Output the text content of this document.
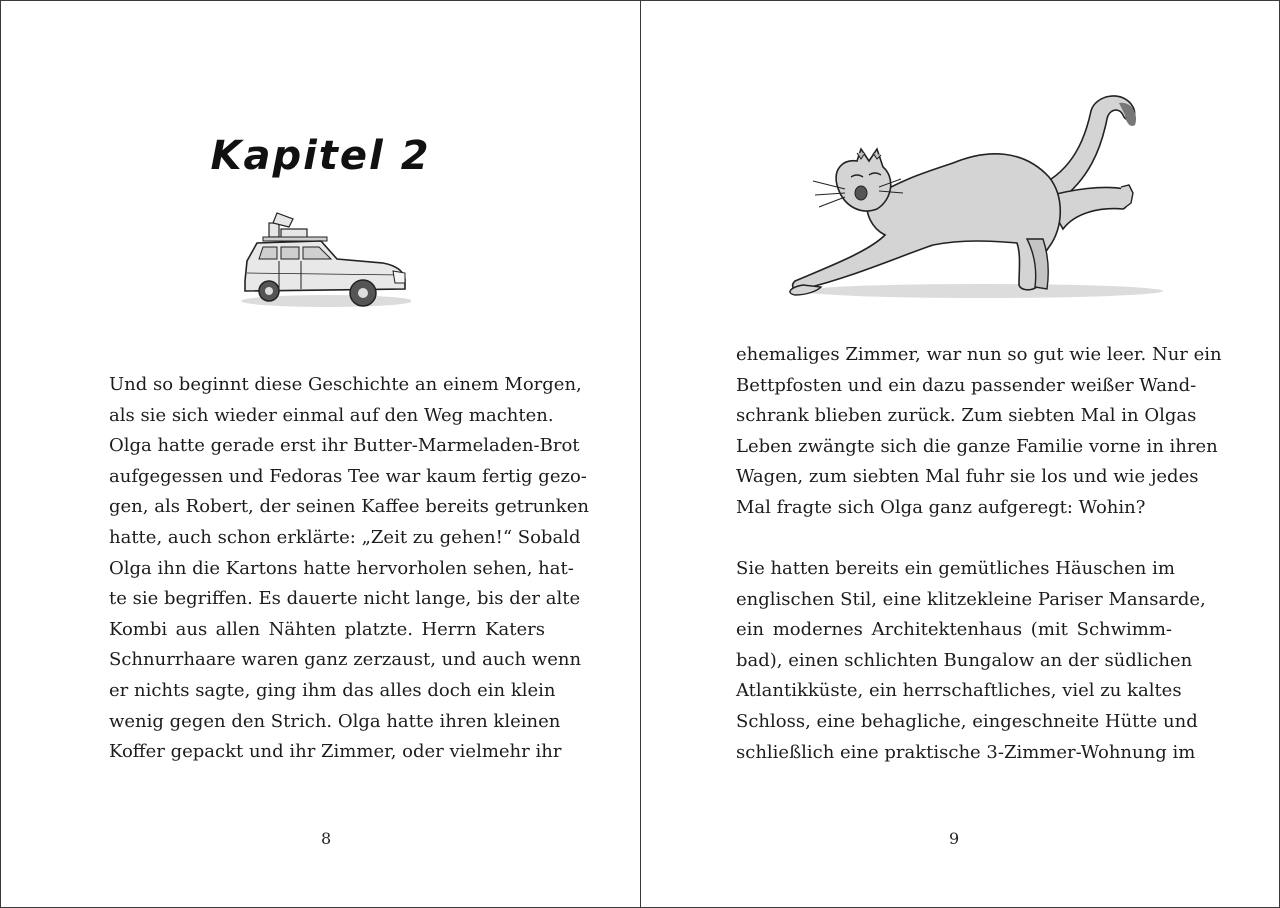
Kapitel 2
Und so beginnt diese Geschichte an einem Morgen,
als sie sich wieder einmal auf den Weg machten.
Olga hatte gerade erst ihr Butter-Marmeladen-Brot
aufgegessen und Fedoras Tee war kaum fertig gezo-
gen, als Robert, der seinen Kaffee bereits getrunken
hatte, auch schon erklärte: „Zeit zu gehen!“ Sobald
Olga ihn die Kartons hatte hervorholen sehen, hat-
te sie begriffen. Es dauerte nicht lange, bis der alte
Kombi aus allen Nähten platzte. Herrn Katers
Schnurrhaare waren ganz zerzaust, und auch wenn
er nichts sagte, ging ihm das alles doch ein klein
wenig gegen den Strich. Olga hatte ihren kleinen
Koffer gepackt und ihr Zimmer, oder vielmehr ihr
8
ehemaliges Zimmer, war nun so gut wie leer. Nur ein
Bettpfosten und ein dazu passender weißer Wand-
schrank blieben zurück. Zum siebten Mal in Olgas
Leben zwängte sich die ganze Familie vorne in ihren
Wagen, zum siebten Mal fuhr sie los und wie jedes
Mal fragte sich Olga ganz aufgeregt: Wohin?
Sie hatten bereits ein gemütliches Häuschen im
englischen Stil, eine klitzekleine Pariser Mansarde,
ein modernes Architektenhaus (mit Schwimm-
bad), einen schlichten Bungalow an der südlichen
Atlantikküste, ein herrschaftliches, viel zu kaltes
Schloss, eine behagliche, eingeschneite Hütte und
schließlich eine praktische 3-Zimmer-Wohnung im
9
